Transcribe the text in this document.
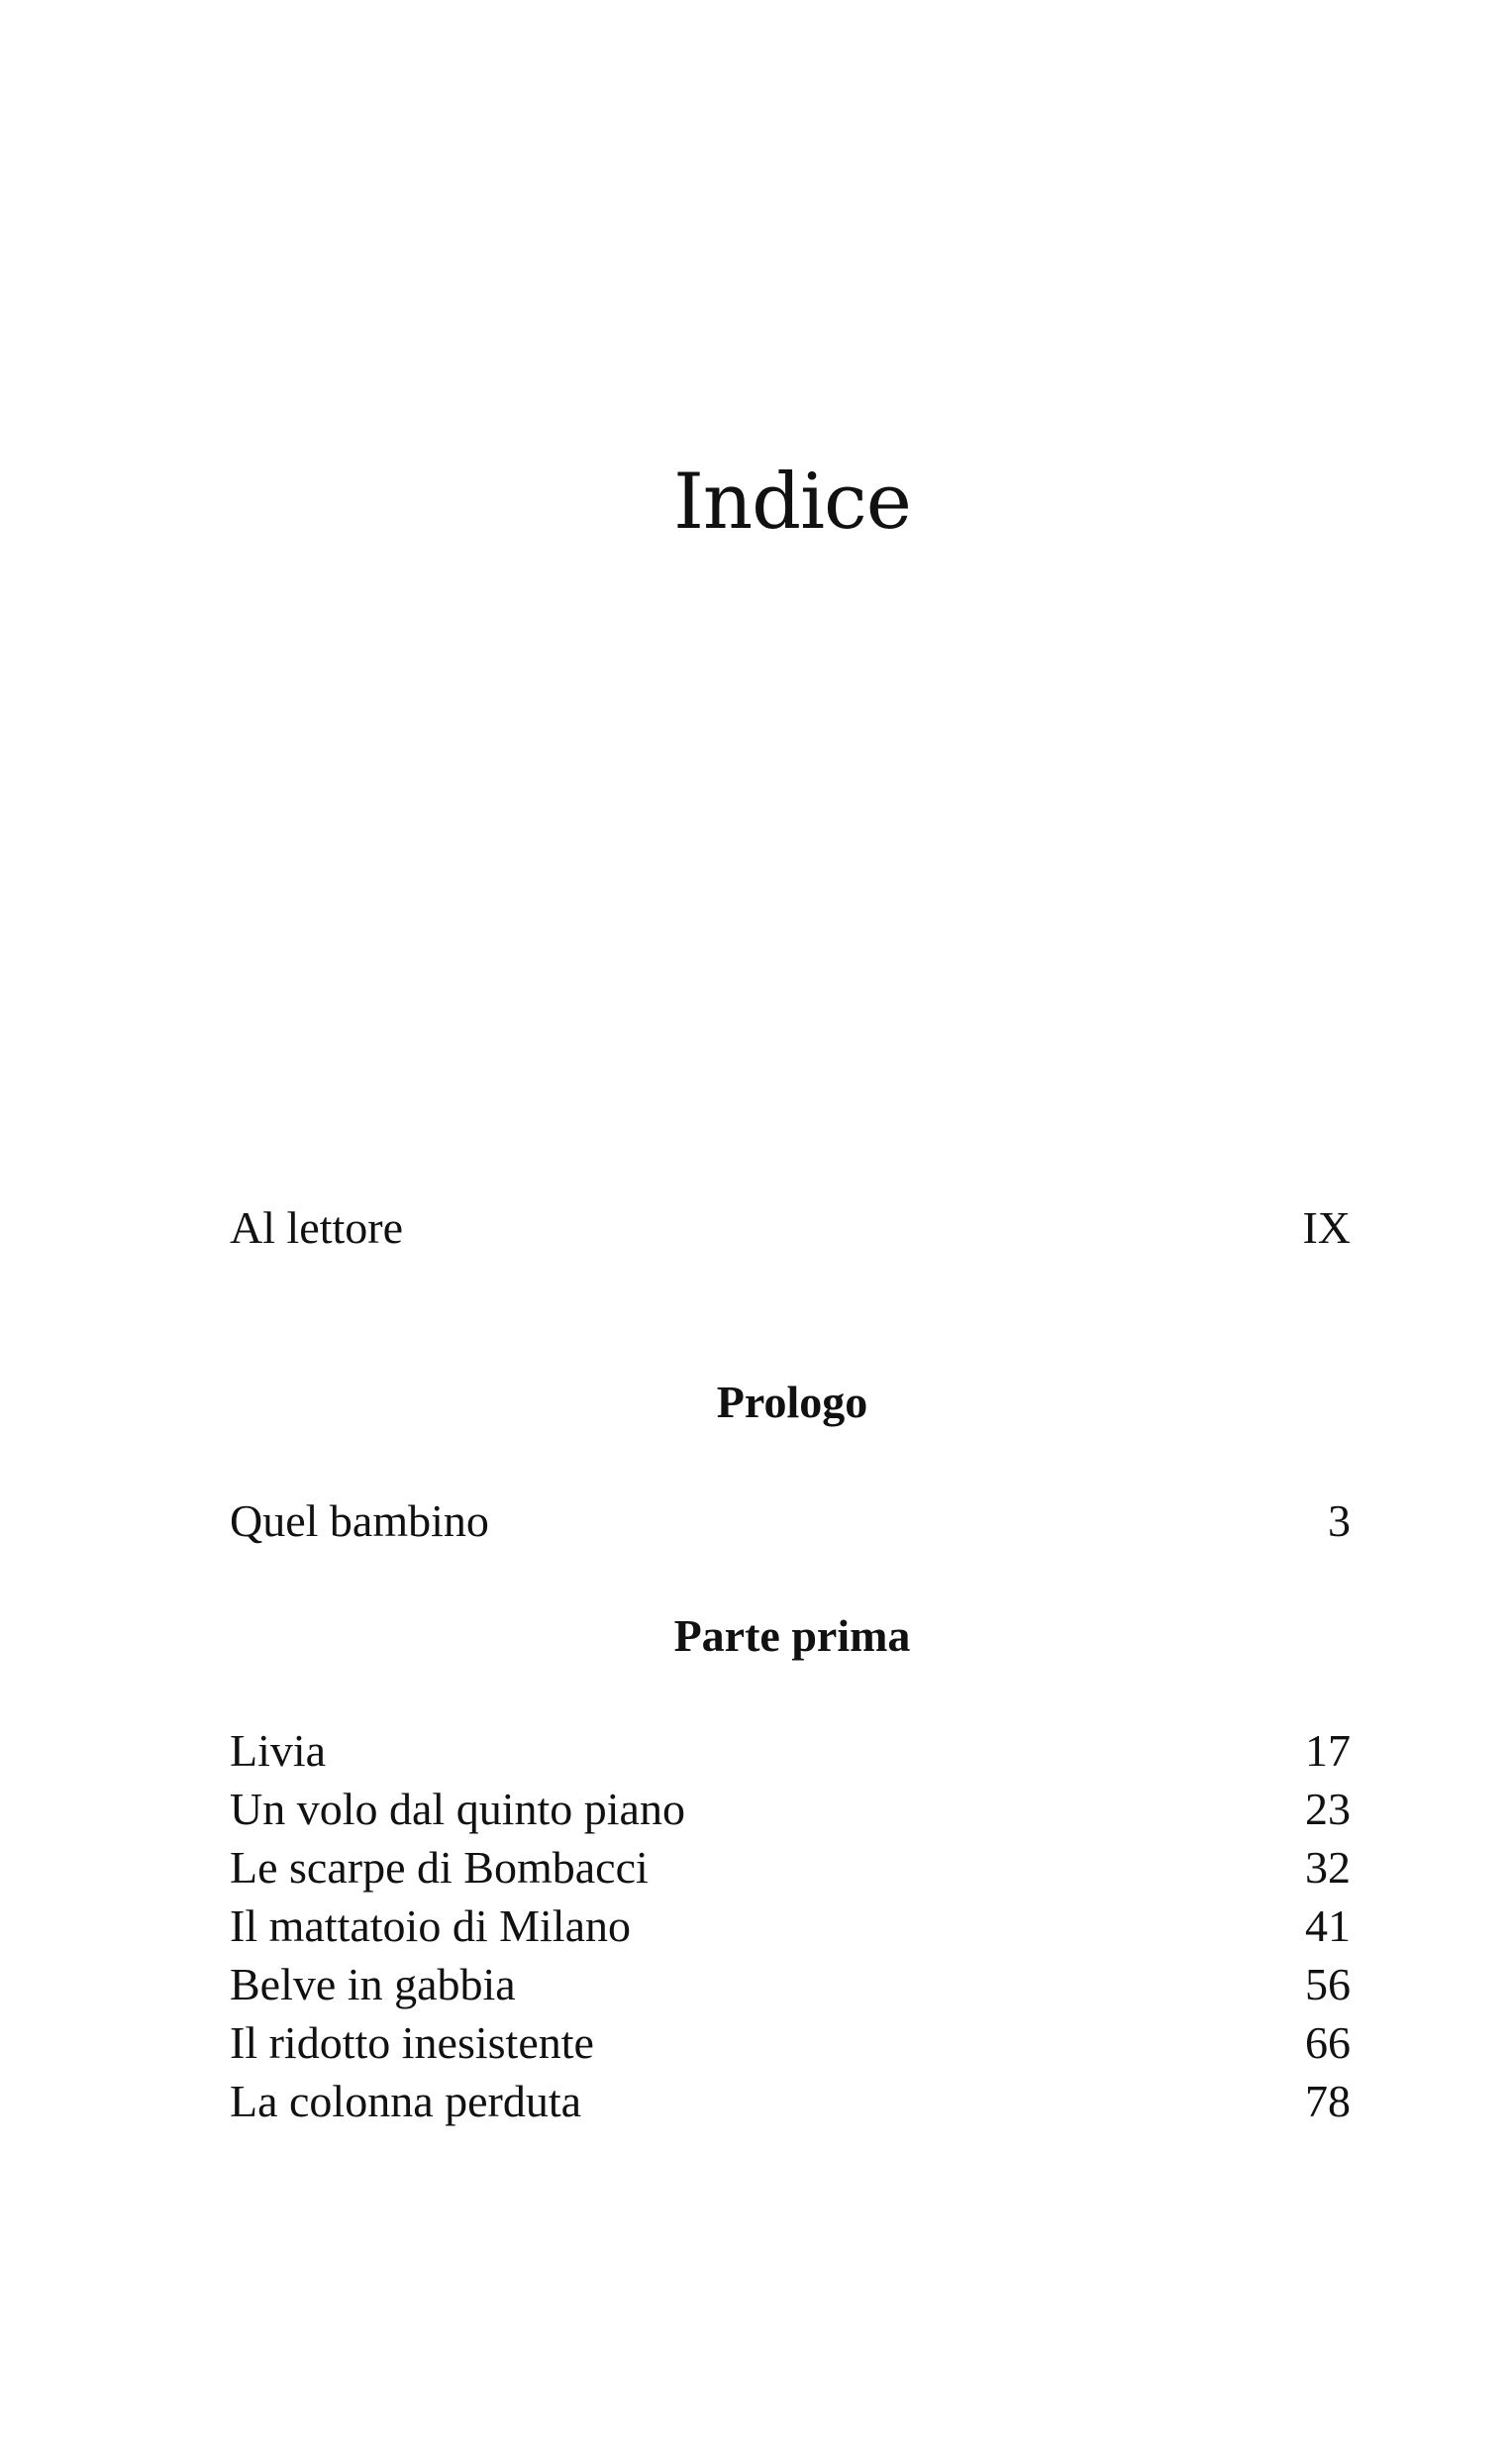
Indice
Al lettore	IX
Prologo
Quel bambino	3
Parte prima
Livia	17
Un volo dal quinto piano	23
Le scarpe di Bombacci	32
Il mattatoio di Milano	41
Belve in gabbia	56
Il ridotto inesistente	66
La colonna perduta	78
